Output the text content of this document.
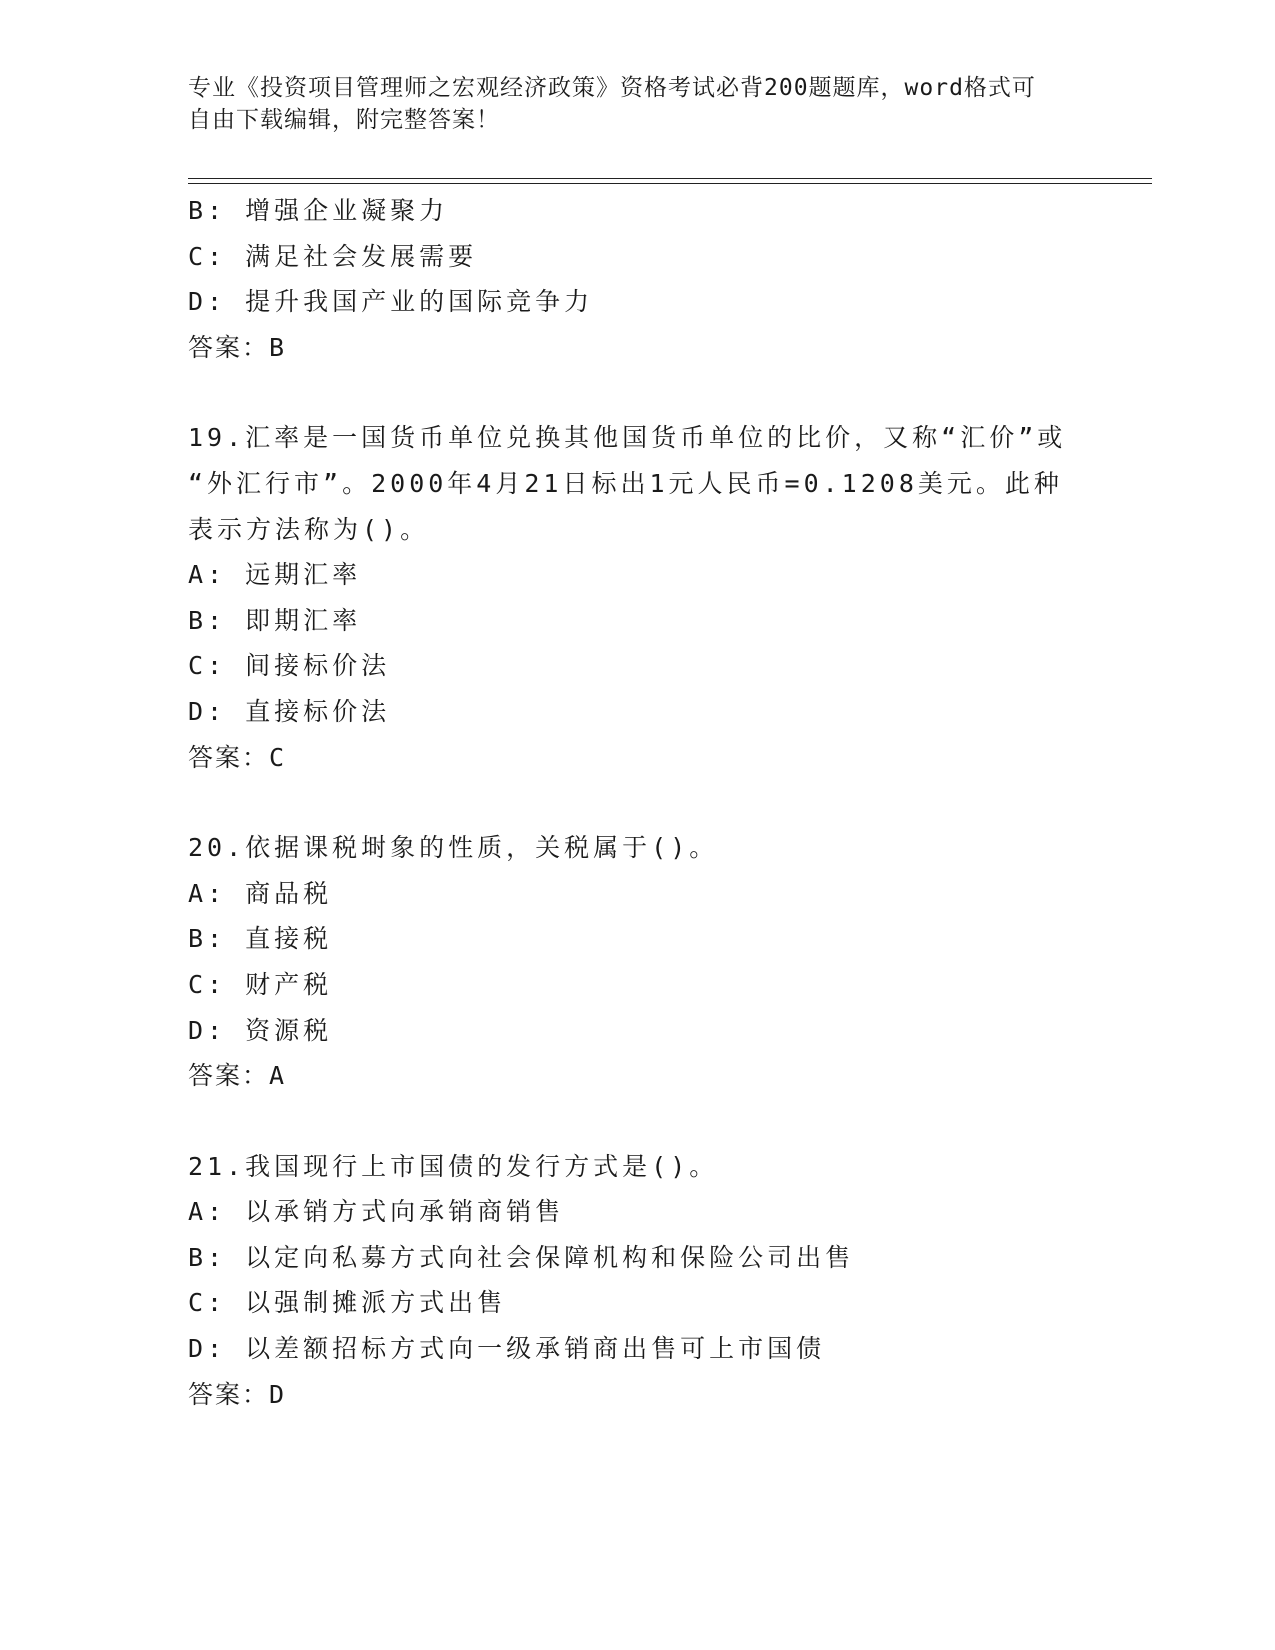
专业《投资项目管理师之宏观经济政策》资格考试必背200题题库，word格式可
自由下载编辑，附完整答案！
B: 增强企业凝聚力
C: 满足社会发展需要
D: 提升我国产业的国际竞争力
答案：B
19.汇率是一国货币单位兑换其他国货币单位的比价，又称“汇价”或
“外汇行市”。2000年4月21日标出1元人民币=0.1208美元。此种
表示方法称为()。
A: 远期汇率
B: 即期汇率
C: 间接标价法
D: 直接标价法
答案：C
20.依据课税埘象的性质，关税属于()。
A: 商品税
B: 直接税
C: 财产税
D: 资源税
答案：A
21.我国现行上市国债的发行方式是()。
A: 以承销方式向承销商销售
B: 以定向私募方式向社会保障机构和保险公司出售
C: 以强制摊派方式出售
D: 以差额招标方式向一级承销商出售可上市国债
答案：D
